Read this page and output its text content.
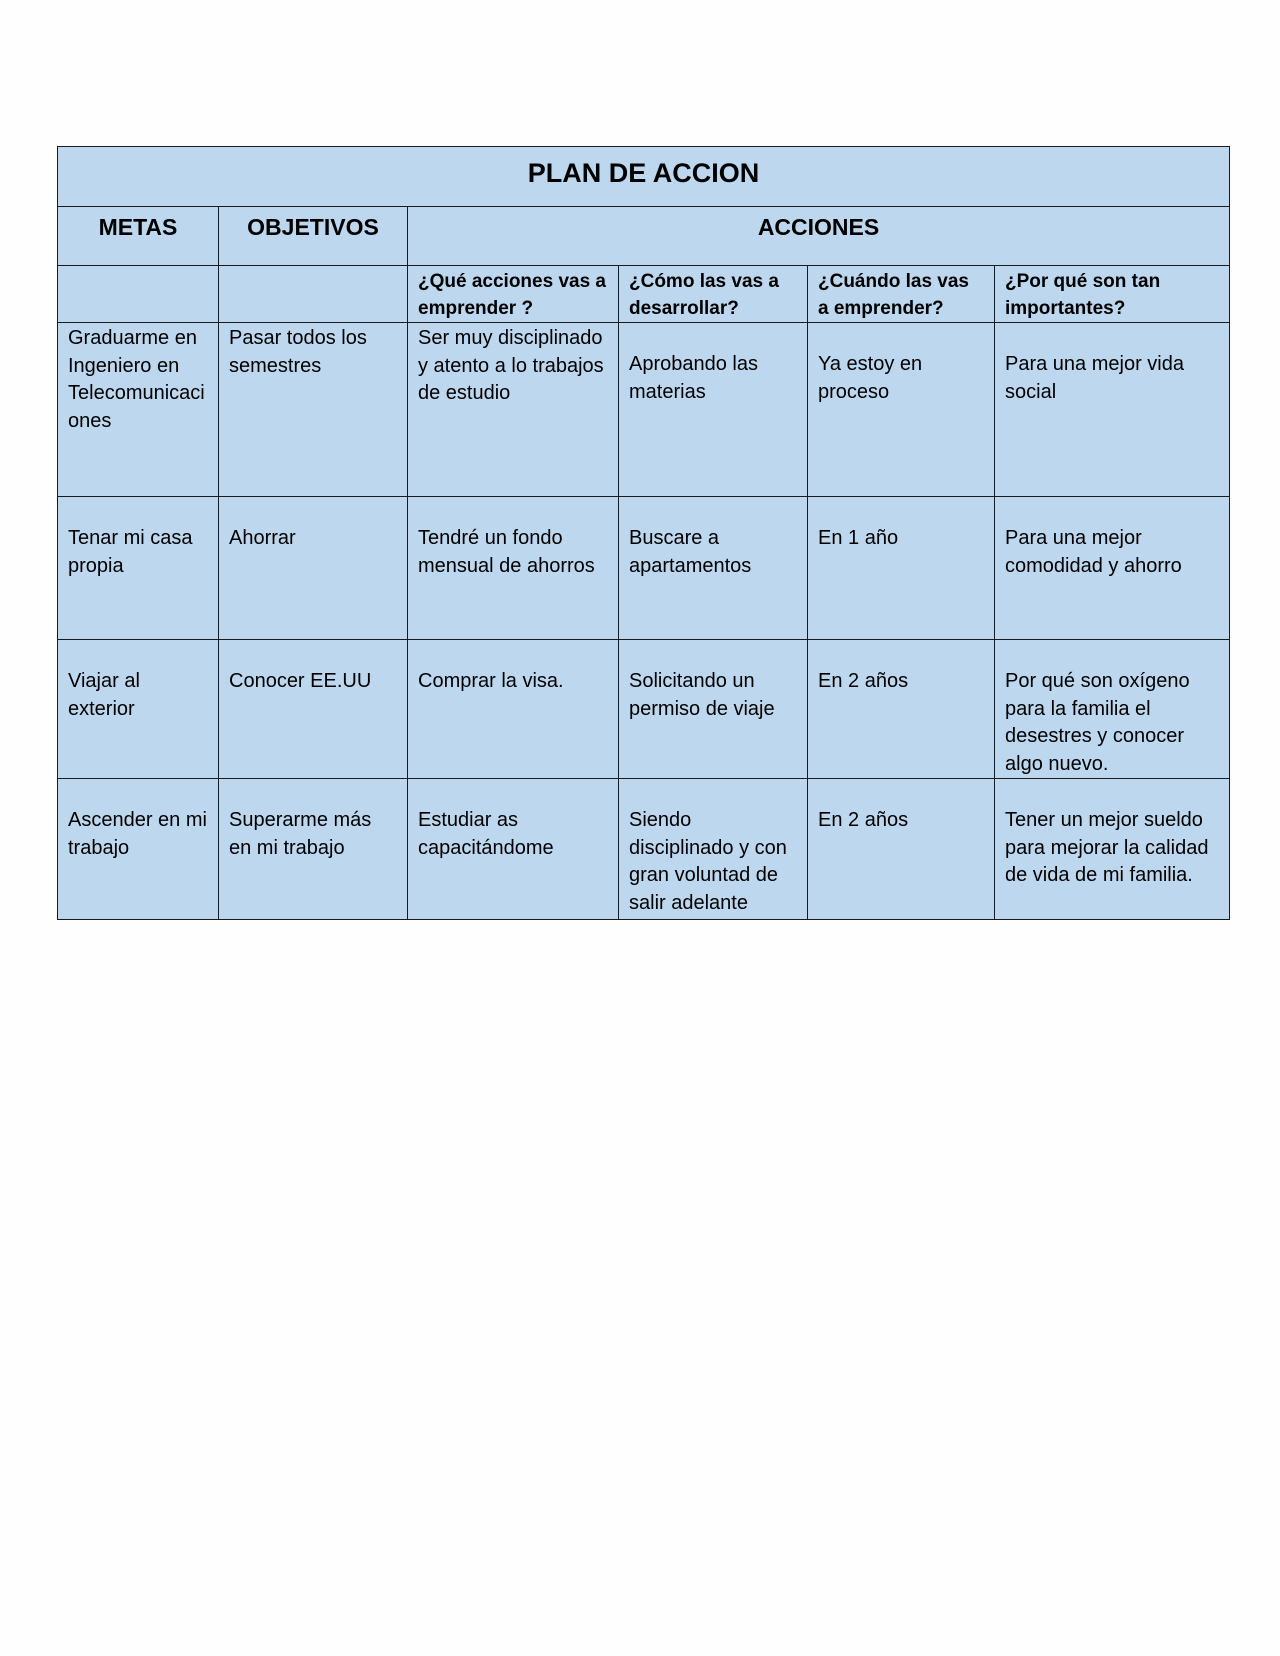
PLAN DE ACCION					
METAS	OBJETIVOS	ACCIONES			
		¿Qué acciones vas a emprender ?	¿Cómo las vas a desarrollar?	¿Cuándo las vas a emprender?	¿Por qué son tan importantes?
Graduarme en Ingeniero en Telecomunicaciones	Pasar todos los semestres	Ser muy disciplinado y atento a lo trabajos de estudio	Aprobando las materias	Ya estoy en proceso	Para una mejor vida social
Tenar mi casa propia	Ahorrar	Tendré un fondo mensual de ahorros	Buscare a apartamentos	En 1 año	Para una mejor comodidad y ahorro
Viajar al exterior	Conocer EE.UU	Comprar la visa.	Solicitando un permiso de viaje	En 2 años	Por qué son oxígeno para la familia el desestres y conocer algo nuevo.
Ascender en mi trabajo	Superarme más en mi trabajo	Estudiar as capacitándome	Siendo disciplinado y con gran voluntad de salir adelante	En 2 años	Tener un mejor sueldo para mejorar la calidad de vida de mi familia.
